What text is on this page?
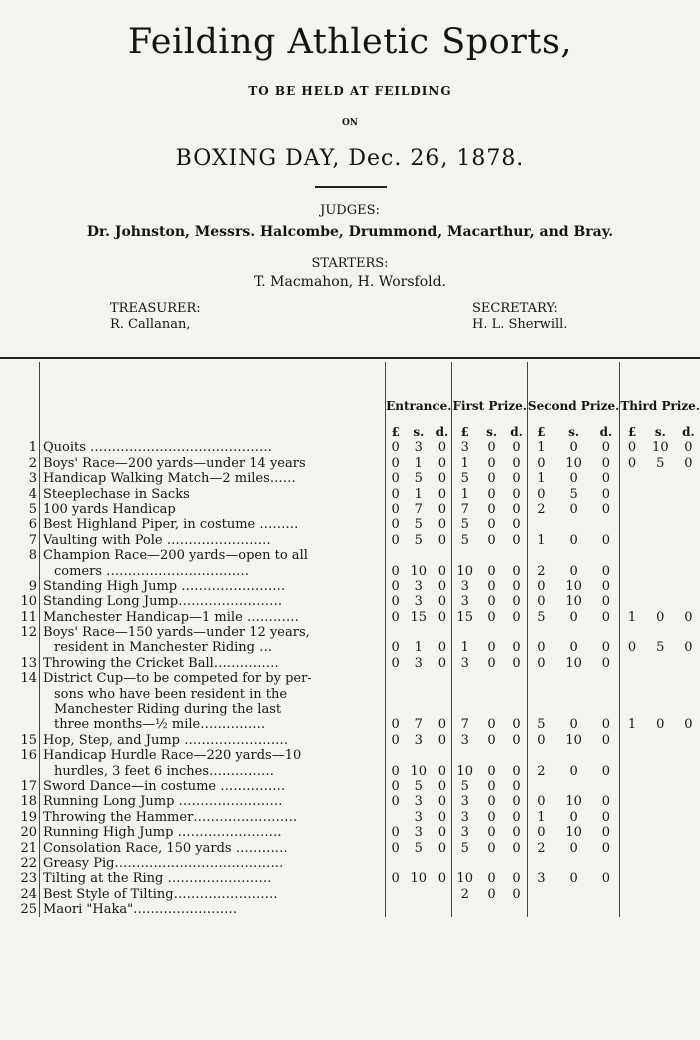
Feilding Athletic Sports,
TO BE HELD AT FEILDING
ON
BOXING DAY, Dec. 26, 1878.
JUDGES:
Dr. Johnston, Messrs. Halcombe, Drummond, Macarthur, and Bray.
STARTERS:
T. Macmahon, H. Worsfold.
TREASURER:
R. Callanan,
SECRETARY:
H. L. Sherwill.
		Entrance.			First Prize.			Second Prize.			Third Prize.		
		£	s.	d.	£	s.	d.	£	s.	d.	£	s.	d.
1	Quoits ……………………………………	0	3	0	3	0	0	1	0	0	0	10	0
2	Boys' Race—200 yards—under 14 years	0	1	0	1	0	0	0	10	0	0	5	0
3	Handicap Walking Match—2 miles……	0	5	0	5	0	0	1	0	0			
4	Steeplechase in Sacks	0	1	0	1	0	0	0	5	0			
5	100 yards Handicap	0	7	0	7	0	0	2	0	0			
6	Best Highland Piper, in costume ………	0	5	0	5	0	0						
7	Vaulting with Pole ……………………	0	5	0	5	0	0	1	0	0			
8	Champion Race—200 yards—open to all												
	comers ……………………………	0	10	0	10	0	0	2	0	0			
9	Standing High Jump ……………………	0	3	0	3	0	0	0	10	0			
10	Standing Long Jump……………………	0	3	0	3	0	0	0	10	0			
11	Manchester Handicap—1 mile …………	0	15	0	15	0	0	5	0	0	1	0	0
12	Boys' Race—150 yards—under 12 years,												
	resident in Manchester Riding …	0	1	0	1	0	0	0	0	0	0	5	0
13	Throwing the Cricket Ball……………	0	3	0	3	0	0	0	10	0			
14	District Cup—to be competed for by per-												
	sons who have been resident in the												
	Manchester Riding during the last												
	three months—½ mile……………	0	7	0	7	0	0	5	0	0	1	0	0
15	Hop, Step, and Jump ……………………	0	3	0	3	0	0	0	10	0			
16	Handicap Hurdle Race—220 yards—10												
	hurdles, 3 feet 6 inches……………	0	10	0	10	0	0	2	0	0			
17	Sword Dance—in costume ……………	0	5	0	5	0	0						
18	Running Long Jump ……………………	0	3	0	3	0	0	0	10	0			
19	Throwing the Hammer……………………		3	0	3	0	0	1	0	0			
20	Running High Jump ……………………	0	3	0	3	0	0	0	10	0			
21	Consolation Race, 150 yards …………	0	5	0	5	0	0	2	0	0			
22	Greasy Pig…………………………………												
23	Tilting at the Ring ……………………	0	10	0	10	0	0	3	0	0			
24	Best Style of Tilting……………………				2	0	0						
25	Maori "Haka"……………………												
